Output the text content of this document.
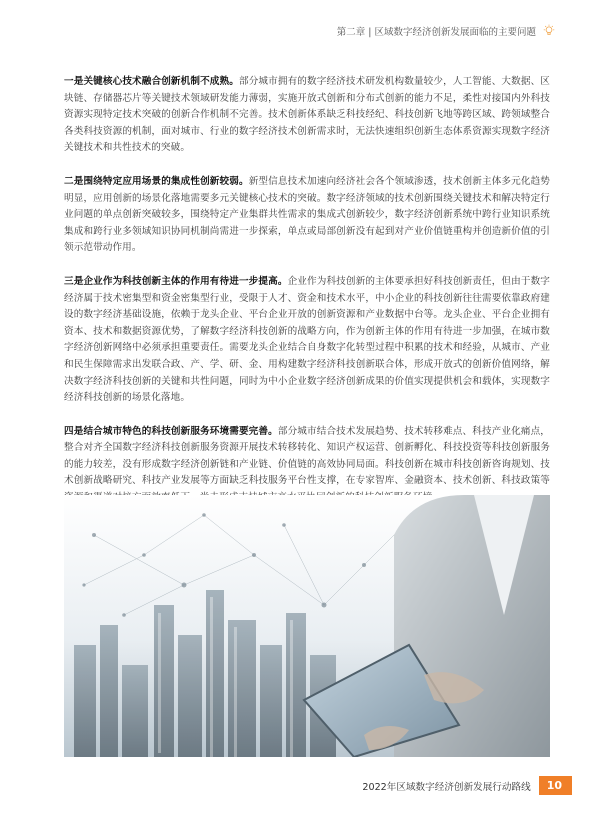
第二章 | 区域数字经济创新发展面临的主要问题

一是关键核心技术融合创新机制不成熟。部分城市拥有的数字经济技术研发机构数量较少，人工智能、大数据、区块链、存储器芯片等关键技术领域研发能力薄弱，实施开放式创新和分布式创新的能力不足，柔性对接国内外科技资源实现特定技术突破的创新合作机制不完善。技术创新体系缺乏科技经纪、科技创新飞地等跨区域、跨领域整合各类科技资源的机制，面对城市、行业的数字经济技术创新需求时，无法快速组织创新生态体系资源实现数字经济关键技术和共性技术的突破。

二是围绕特定应用场景的集成性创新较弱。新型信息技术加速向经济社会各个领域渗透，技术创新主体多元化趋势明显，应用创新的场景化落地需要多元关键核心技术的突破。数字经济领域的技术创新围绕关键技术和解决特定行业问题的单点创新突破较多，围绕特定产业集群共性需求的集成式创新较少，数字经济创新系统中跨行业知识系统集成和跨行业多领域知识协同机制尚需进一步探索，单点或局部创新没有起到对产业价值链重构并创造新价值的引领示范带动作用。

三是企业作为科技创新主体的作用有待进一步提高。企业作为科技创新的主体要承担好科技创新责任，但由于数字经济属于技术密集型和资金密集型行业，受限于人才、资金和技术水平，中小企业的科技创新往往需要依靠政府建设的数字经济基础设施，依赖于龙头企业、平台企业开放的创新资源和产业数据中台等。龙头企业、平台企业拥有资本、技术和数据资源优势，了解数字经济科技创新的战略方向，作为创新主体的作用有待进一步加强，在城市数字经济创新网络中必须承担重要责任。需要龙头企业结合自身数字化转型过程中积累的技术和经验，从城市、产业和民生保障需求出发联合政、产、学、研、金、用构建数字经济科技创新联合体，形成开放式的创新价值网络，解决数字经济科技创新的关键和共性问题，同时为中小企业数字经济创新成果的价值实现提供机会和载体，实现数字经济科技创新的场景化落地。

四是结合城市特色的科技创新服务环境需要完善。部分城市结合技术发展趋势、技术转移难点、科技产业化痛点，整合对齐全国数字经济科技创新服务资源开展技术转移转化、知识产权运营、创新孵化、科技投资等科技创新服务的能力较差，没有形成数字经济创新链和产业链、价值链的高效协同局面。科技创新在城市科技创新咨询规划、技术创新战略研究、科技产业发展等方面缺乏科技服务平台性支撑，在专家智库、金融资本、技术创新、科技政策等

2022年区域数字经济创新发展行动路线	10
